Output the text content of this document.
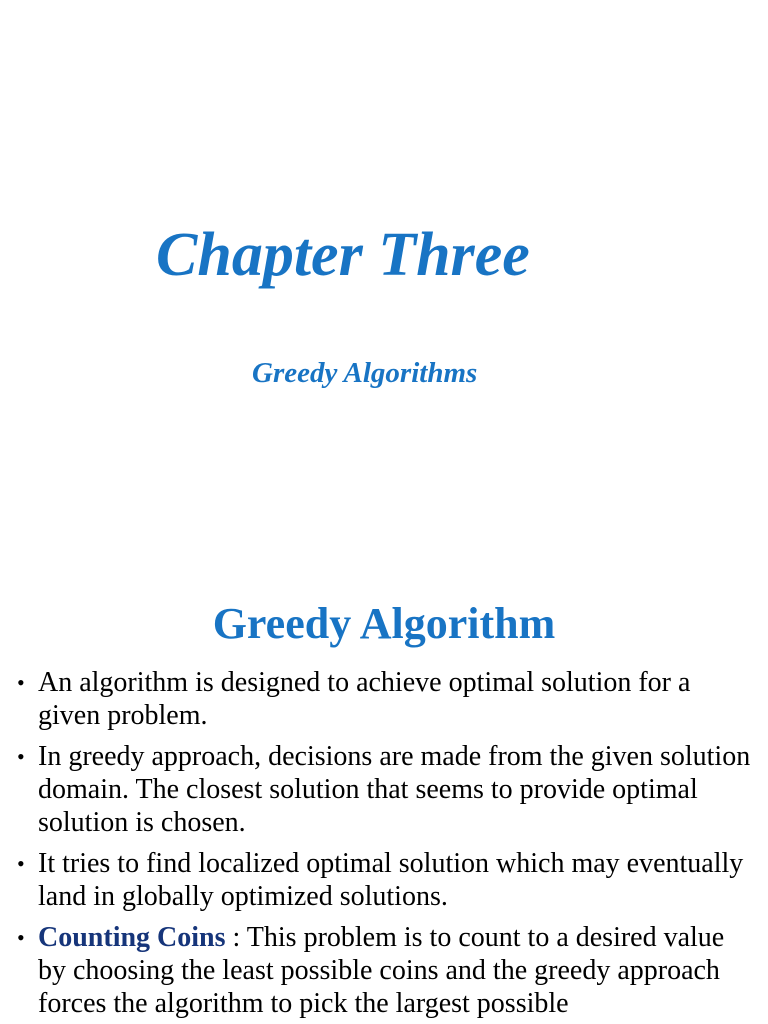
Chapter Three
Greedy Algorithms
Greedy Algorithm
• An algorithm is designed to achieve optimal solution for a given problem.
• In greedy approach, decisions are made from the given solution domain. The closest solution that seems to provide optimal solution is chosen.
• It tries to find localized optimal solution which may eventually land in globally optimized solutions.
• Counting Coins : This problem is to count to a desired value by choosing the least possible coins and the greedy approach forces the algorithm to pick the largest possible
